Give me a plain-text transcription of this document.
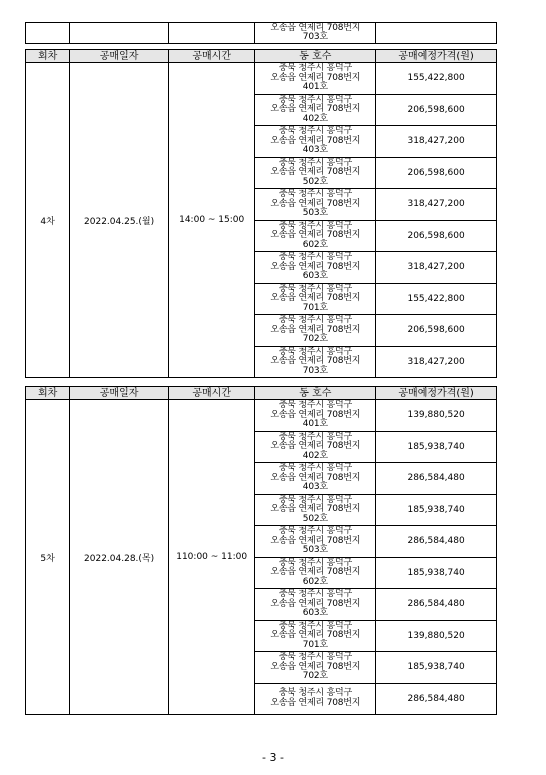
오송읍 연제리 708번지
703호

회차	공매일자	공매시간	동 호수	공매예정가격(원)
4차	2022.04.25.(월)	14:00 ~ 15:00	충북 청주시 흥덕구
오송읍 연제리 708번지
401호	155,422,800

			충북 청주시 흥덕구
오송읍 연제리 708번지
402호	206,598,600

			충북 청주시 흥덕구
오송읍 연제리 708번지
403호	318,427,200

			충북 청주시 흥덕구
오송읍 연제리 708번지
502호	206,598,600

			충북 청주시 흥덕구
오송읍 연제리 708번지
503호	318,427,200

			충북 청주시 흥덕구
오송읍 연제리 708번지
602호	206,598,600

			충북 청주시 흥덕구
오송읍 연제리 708번지
603호	318,427,200

			충북 청주시 흥덕구
오송읍 연제리 708번지
701호	155,422,800

			충북 청주시 흥덕구
오송읍 연제리 708번지
702호	206,598,600

			충북 청주시 흥덕구
오송읍 연제리 708번지
703호	318,427,200
회차	공매일자	공매시간	동 호수	공매예정가격(원)
5차	2022.04.28.(목)	110:00 ~ 11:00	충북 청주시 흥덕구
오송읍 연제리 708번지
401호	139,880,520

			충북 청주시 흥덕구
오송읍 연제리 708번지
402호	185,938,740

			충북 청주시 흥덕구
오송읍 연제리 708번지
403호	286,584,480

			충북 청주시 흥덕구
오송읍 연제리 708번지
502호	185,938,740

			충북 청주시 흥덕구
오송읍 연제리 708번지
503호	286,584,480

			충북 청주시 흥덕구
오송읍 연제리 708번지
602호	185,938,740

			충북 청주시 흥덕구
오송읍 연제리 708번지
603호	286,584,480

			충북 청주시 흥덕구
오송읍 연제리 708번지
701호	139,880,520

			충북 청주시 흥덕구
오송읍 연제리 708번지
702호	185,938,740

			충북 청주시 흥덕구
오송읍 연제리 708번지	286,584,480
- 3 -
